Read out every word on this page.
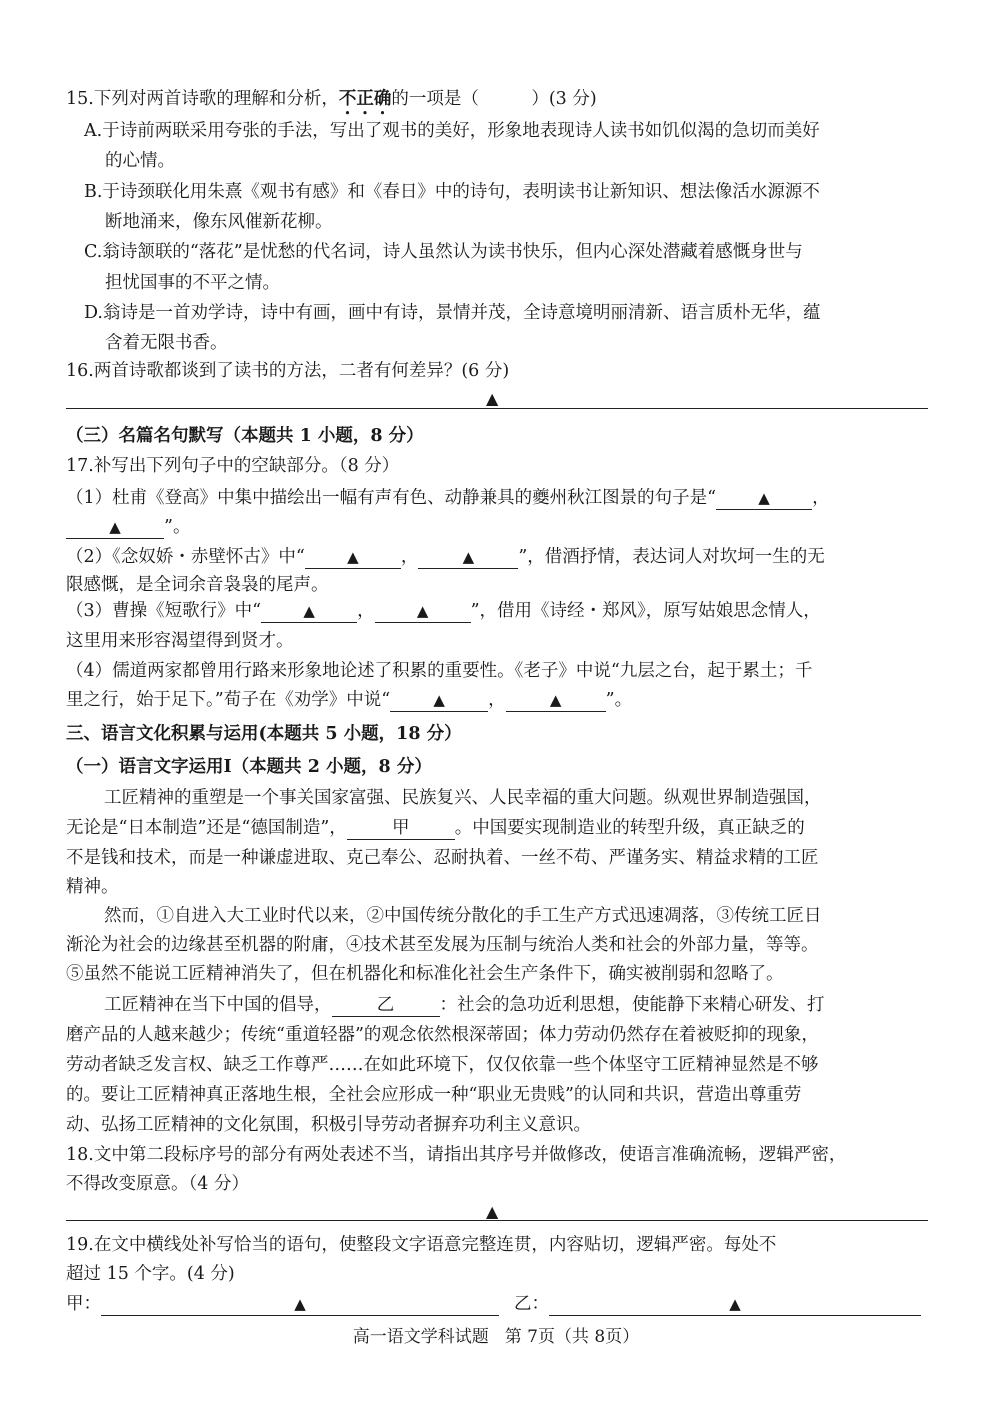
15.下列对两首诗歌的理解和分析，不正确的一项是（　　　）(3 分)
A.于诗前两联采用夸张的手法，写出了观书的美好，形象地表现诗人读书如饥似渴的急切而美好
的心情。
B.于诗颈联化用朱熹《观书有感》和《春日》中的诗句，表明读书让新知识、想法像活水源源不
断地涌来，像东风催新花柳。
C.翁诗颔联的“落花”是忧愁的代名词，诗人虽然认为读书快乐，但内心深处潜藏着感慨身世与
担忧国事的不平之情。
D.翁诗是一首劝学诗，诗中有画，画中有诗，景情并茂，全诗意境明丽清新、语言质朴无华，蕴
含着无限书香。
16.两首诗歌都谈到了读书的方法，二者有何差异？(6 分)
▲
（三）名篇名句默写（本题共 1 小题，8 分）
17.补写出下列句子中的空缺部分。（8 分）
（1）杜甫《登高》中集中描绘出一幅有声有色、动静兼具的夔州秋江图景的句子是“	▲ ，
▲ ”。
（2）《念奴娇・赤壁怀古》中“	▲ ，	▲	”，借酒抒情，表达词人对坎坷一生的无
限感慨，是全词余音袅袅的尾声。
（3）曹操《短歌行》中“	▲ ，	▲ ”，借用《诗经・郑风》，原写姑娘思念情人，
这里用来形容渴望得到贤才。
（4）儒道两家都曾用行路来形象地论述了积累的重要性。《老子》中说“九层之台，起于累土；千
里之行，始于足下。”荀子在《劝学》中说“	▲ ，	▲	”。
三、语言文化积累与运用(本题共 5 小题，18 分）
（一）语言文字运用Ⅰ（本题共 2 小题，8 分）
工匠精神的重塑是一个事关国家富强、民族复兴、人民幸福的重大问题。纵观世界制造强国，
无论是“日本制造”还是“德国制造”，	甲	。中国要实现制造业的转型升级，真正缺乏的
不是钱和技术，而是一种谦虚进取、克己奉公、忍耐执着、一丝不苟、严谨务实、精益求精的工匠
精神。
然而，①自进入大工业时代以来，②中国传统分散化的手工生产方式迅速凋落，③传统工匠日
渐沦为社会的边缘甚至机器的附庸，④技术甚至发展为压制与统治人类和社会的外部力量，等等。
⑤虽然不能说工匠精神消失了，但在机器化和标准化社会生产条件下，确实被削弱和忽略了。
工匠精神在当下中国的倡导，	乙	：社会的急功近利思想，使能静下来精心研发、打
磨产品的人越来越少；传统“重道轻器”的观念依然根深蒂固；体力劳动仍然存在着被贬抑的现象，
劳动者缺乏发言权、缺乏工作尊严……在如此环境下，仅仅依靠一些个体坚守工匠精神显然是不够
的。要让工匠精神真正落地生根，全社会应形成一种“职业无贵贱”的认同和共识，营造出尊重劳
动、弘扬工匠精神的文化氛围，积极引导劳动者摒弃功利主义意识。
18.文中第二段标序号的部分有两处表述不当，请指出其序号并做修改，使语言准确流畅，逻辑严密，
不得改变原意。（4 分）
▲
19.在文中横线处补写恰当的语句，使整段文字语意完整连贯，内容贴切，逻辑严密。每处不
超过 15 个字。(4 分)
甲：	▲	乙：	▲
高一语文学科试题 第 7页（共 8页）
